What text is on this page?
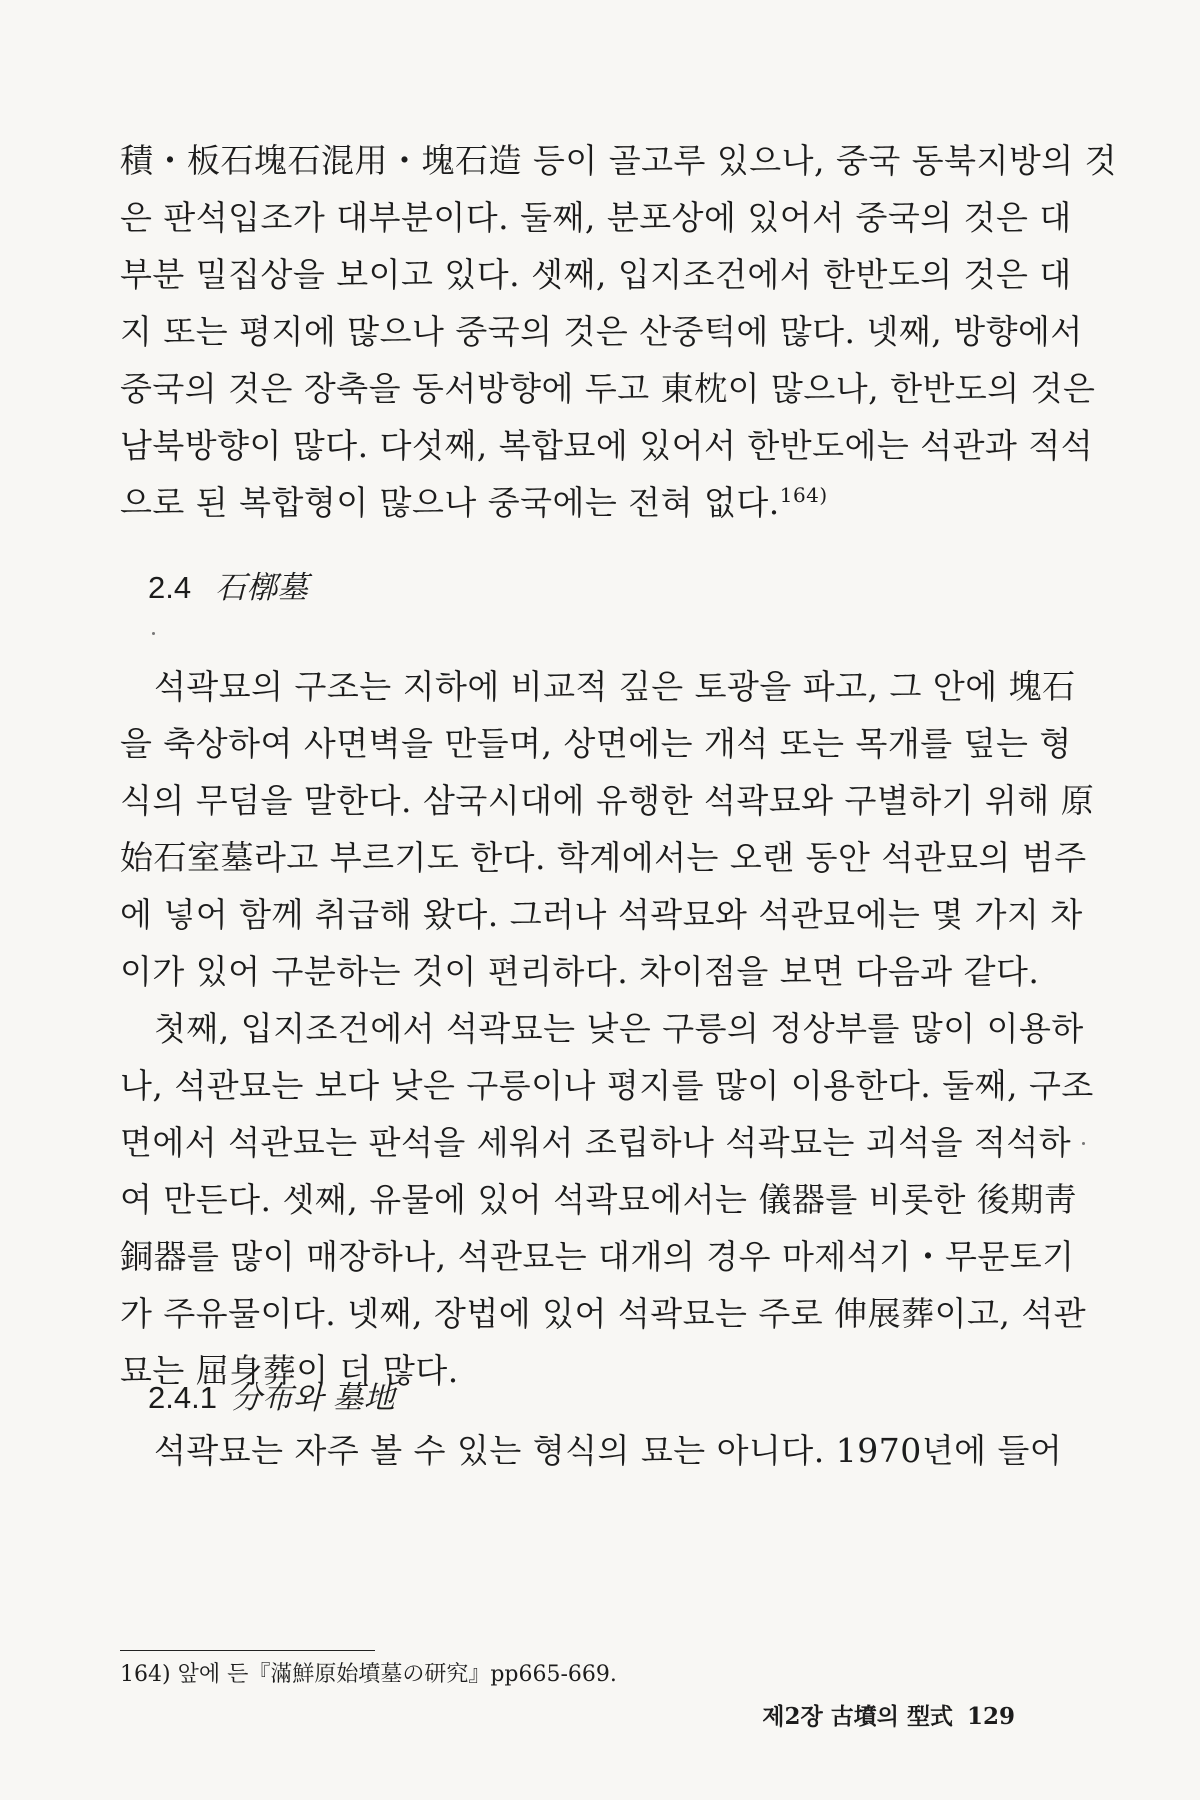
積・板石塊石混用・塊石造 등이 골고루 있으나, 중국 동북지방의 것
은 판석입조가 대부분이다. 둘째, 분포상에 있어서 중국의 것은 대
부분 밀집상을 보이고 있다. 셋째, 입지조건에서 한반도의 것은 대
지 또는 평지에 많으나 중국의 것은 산중턱에 많다. 넷째, 방향에서
중국의 것은 장축을 동서방향에 두고 東枕이 많으나, 한반도의 것은
남북방향이 많다. 다섯째, 복합묘에 있어서 한반도에는 석관과 적석
으로 된 복합형이 많으나 중국에는 전혀 없다.$^{164)}$
2.4 石槨墓
석곽묘의 구조는 지하에 비교적 깊은 토광을 파고, 그 안에 塊石
을 축상하여 사면벽을 만들며, 상면에는 개석 또는 목개를 덮는 형
식의 무덤을 말한다. 삼국시대에 유행한 석곽묘와 구별하기 위해 原
始石室墓라고 부르기도 한다. 학계에서는 오랜 동안 석관묘의 범주
에 넣어 함께 취급해 왔다. 그러나 석곽묘와 석관묘에는 몇 가지 차
이가 있어 구분하는 것이 편리하다. 차이점을 보면 다음과 같다.
첫째, 입지조건에서 석곽묘는 낮은 구릉의 정상부를 많이 이용하
나, 석관묘는 보다 낮은 구릉이나 평지를 많이 이용한다. 둘째, 구조
면에서 석관묘는 판석을 세워서 조립하나 석곽묘는 괴석을 적석하
여 만든다. 셋째, 유물에 있어 석곽묘에서는 儀器를 비롯한 後期靑
銅器를 많이 매장하나, 석관묘는 대개의 경우 마제석기・무문토기
가 주유물이다. 넷째, 장법에 있어 석곽묘는 주로 伸展葬이고, 석관
묘는 屈身葬이 더 많다.
2.4.1 分布와 墓地
석곽묘는 자주 볼 수 있는 형식의 묘는 아니다. 1970년에 들어
164) 앞에 든『滿鮮原始墳墓の研究』pp665-669.
제2장 古墳의 型式 129
